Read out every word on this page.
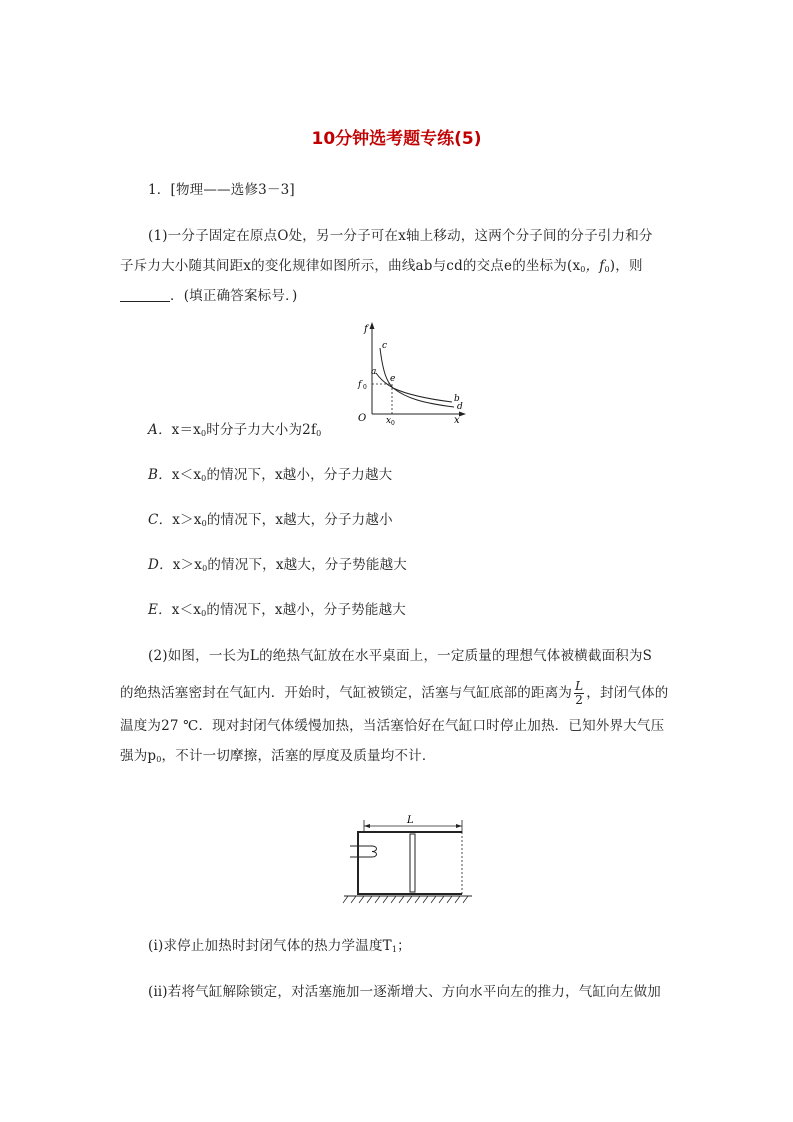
10分钟选考题专练(5)
1．[物理——选修3－3]
(1)一分子固定在原点O处，另一分子可在x轴上移动，这两个分子间的分子引力和分
子斥力大小随其间距x的变化规律如图所示，曲线ab与cd的交点e的坐标为($x_0$，$f_0$)，则
．(填正确答案标号．)
f
c
a
e
f 0
b
d
O x 0	x
A．$x=x_0$时分子力大小为$2f_0$
B．$x<x_0$的情况下，x越小，分子力越大
C．$x>x_0$的情况下，x越大，分子力越小
D．$x>x_0$的情况下，x越大，分子势能越大
E．$x<x_0$的情况下，x越小，分子势能越大
(2)如图，一长为L的绝热气缸放在水平桌面上，一定质量的理想气体被横截面积为S
的绝热活塞密封在气缸内．开始时，气缸被锁定，活塞与气缸底部的距离为 $\frac{L}{2}$ ，封闭气体的
温度为27 ℃．现对封闭气体缓慢加热，当活塞恰好在气缸口时停止加热．已知外界大气压
强为$p_0$，不计一切摩擦，活塞的厚度及质量均不计．
L
(ⅰ)求停止加热时封闭气体的热力学温度$T_1$；
(ⅱ)若将气缸解除锁定，对活塞施加一逐渐增大、方向水平向左的推力，气缸向左做加
